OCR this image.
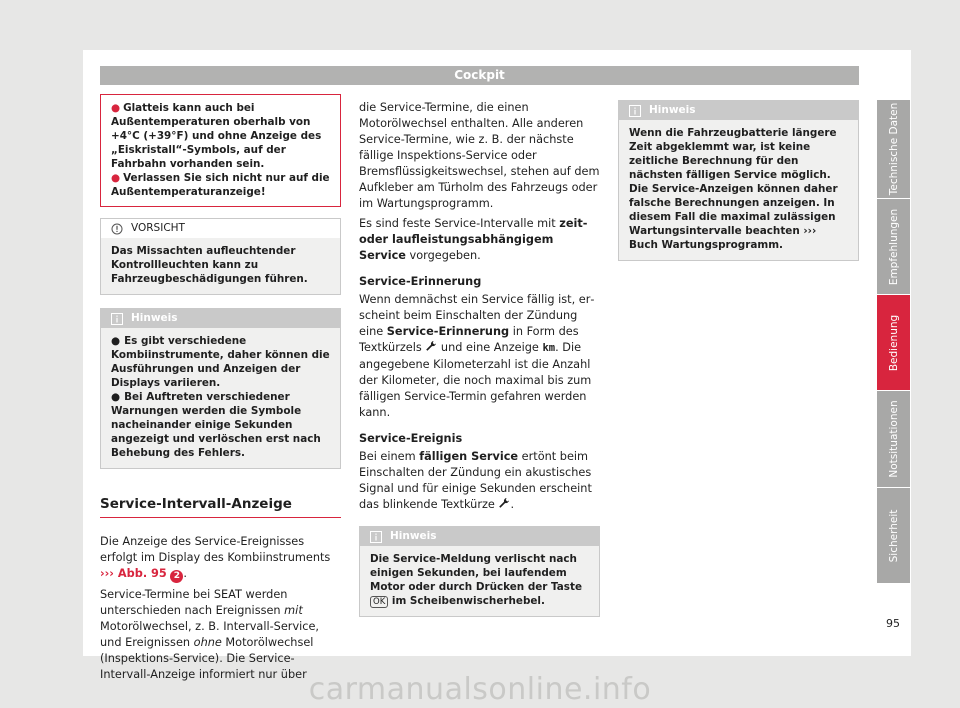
Cockpit

● Glatteis kann auch bei Außentemperaturen oberhalb von +4°C (+39°F) und ohne Anzeige des „Eiskristall“-Symbols, auf der Fahrbahn vorhanden sein.

● Verlassen Sie sich nicht nur auf die Außentemperaturanzeige!

VORSICHT

Das Missachten aufleuchtender Kontrollleuchten kann zu Fahrzeugbeschädigungen führen.

Hinweis

● Es gibt verschiedene Kombiinstrumente, daher können die Ausführungen und Anzeigen der Displays variieren.

● Bei Auftreten verschiedener Warnungen werden die Symbole nacheinander einige Sekunden angezeigt und verlöschen erst nach Behebung des Fehlers.

Service-Intervall-Anzeige

Die Anzeige des Service-Ereignisses erfolgt im Display des Kombiinstruments ››› Abb. 95 2 .

Service-Termine bei SEAT werden unterschieden nach Ereignissen mit Motorölwechsel, z. B. Intervall-Service, und Ereignissen ohne Motorölwechsel (Inspektions-Service). Die Service-Intervall-Anzeige informiert nur über

die Service-Termine, die einen Motorölwechsel enthalten. Alle anderen Service-Termine, wie z. B. der nächste fällige Inspektions-Service oder Bremsflüssigkeitswechsel, stehen auf dem Aufkleber am Türholm des Fahrzeugs oder im Wartungsprogramm.

Es sind feste Service-Intervalle mit zeit- oder laufleistungsabhängigem Service vorgegeben.

Service-Erinnerung

Wenn demnächst ein Service fällig ist, erscheint beim Einschalten der Zündung eine Service-Erinnerung in Form des Textkürzels  und eine Anzeige km. Die angegebene Kilometerzahl ist die Anzahl der Kilometer, die noch maximal bis zum fälligen Service-Termin gefahren werden kann.

Service-Ereignis

Bei einem fälligen Service ertönt beim Einschalten der Zündung ein akustisches Signal und für einige Sekunden erscheint das blinkende Textkürze .

Hinweis

Die Service-Meldung verlischt nach einigen Sekunden, bei laufendem Motor oder durch Drücken der Taste OK im Scheibenwischerhebel.

Hinweis

Wenn die Fahrzeugbatterie längere Zeit abgeklemmt war, ist keine zeitliche Berechnung für den nächsten fälligen Service möglich. Die Service-Anzeigen können daher falsche Berechnungen anzeigen. In diesem Fall die maximal zulässigen Wartungsintervalle beachten ››› Buch Wartungsprogramm.

Technische Daten
Empfehlungen
Bedienung
Notsituationen
Sicherheit
95
carmanualsonline.info
